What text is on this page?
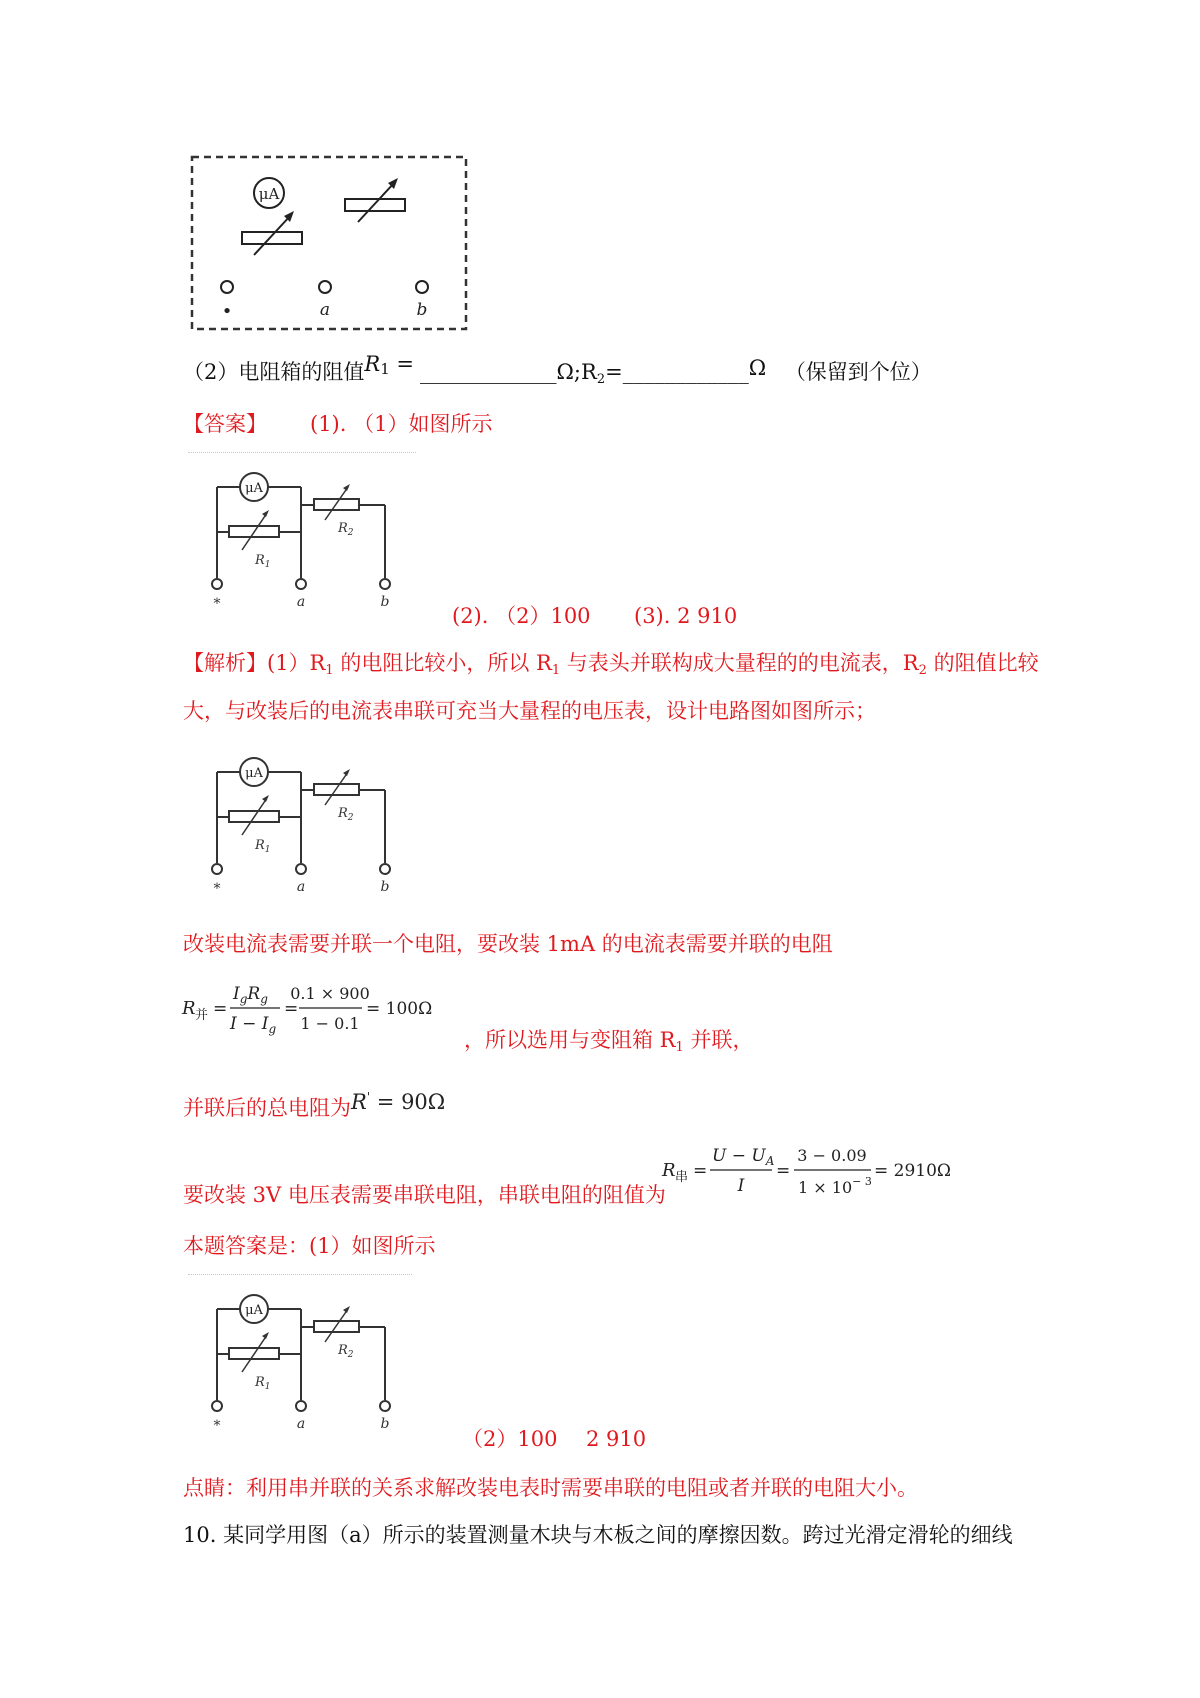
μA
•	a	b
（2）电阻箱的阻值$R^1$ = $\_\_\_\_\_\_\_\_\_\_\_\_\_\Omega;R_2=\_\_\_\_\_\_\_\_\_\_\_\_\Omega$ （保留到个位）
【答案】 (1). （1）如图所示
μA
$R_1$
$R_2$
*	a	b
(2). （2）100 (3). 2 910
【解析】$(1)R_1$ 的电阻比较小，所以 $R_1$ 与表头并联构成大量程的的电流表，$R_2$ 的阻值比较
大，与改装后的电流表串联可充当大量程的电压表，设计电路图如图所示；
μA
$R_1$
$R_2$
*	a	b
改装电流表需要并联一个电阻，要改装 1mA 的电流表需要并联的电阻
R 并 =
$I_gR_g$
$I - I_g$
=
0.1 × 900
1 − 0.1
= 100Ω
，所以选用与变阻箱 $R_1$ 并联，
并联后的总电阻为R' = 90Ω
R 串 =
$U - U_A$
I
=
3 − 0.09
$1 \times 10^{- 3}$
= 2910Ω
要改装 3V 电压表需要串联电阻，串联电阻的阻值为
本题答案是：(1）如图所示
μA
$R_1$
$R_2$
*	a	b
（2）100 2 910
点睛：利用串并联的关系求解改装电表时需要串联的电阻或者并联的电阻大小。
10. 某同学用图（a）所示的装置测量木块与木板之间的摩擦因数。跨过光滑定滑轮的细线
